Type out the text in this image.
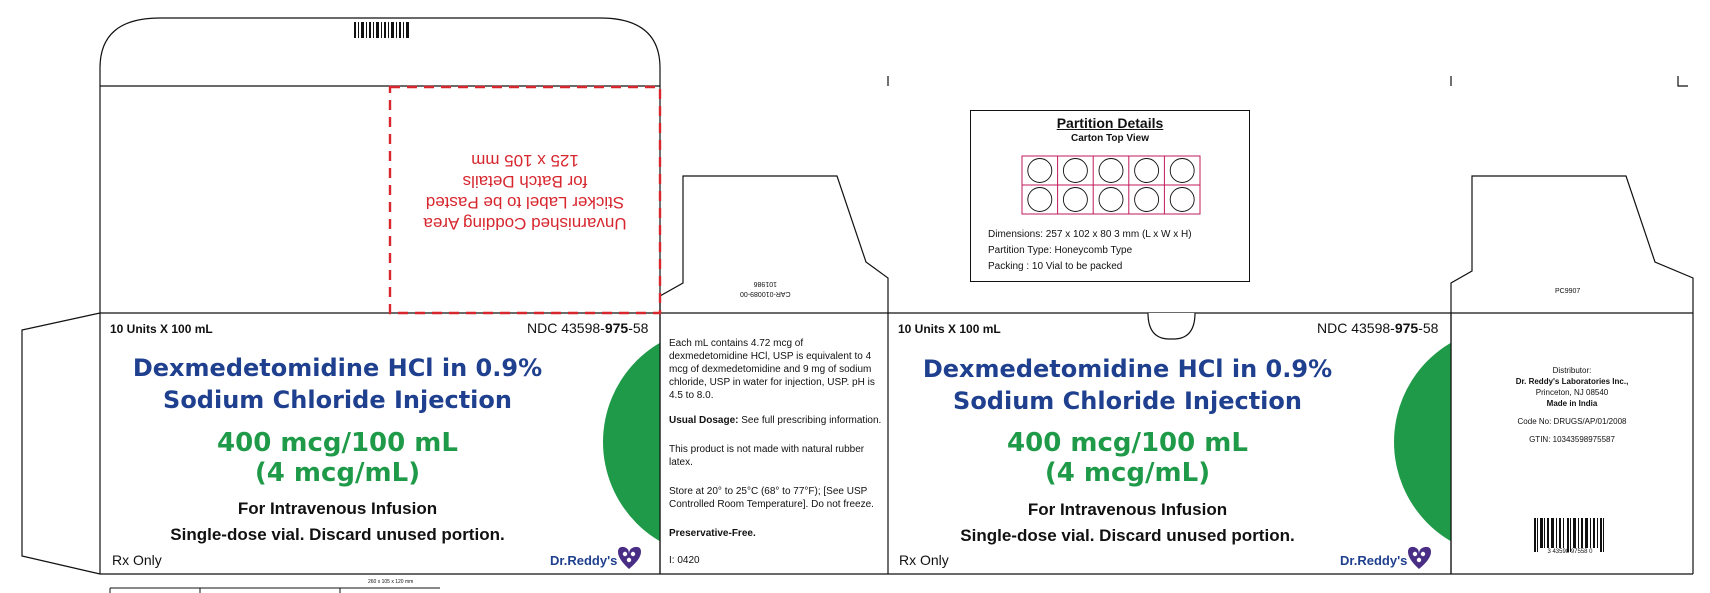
Unvarnished Codding Area
Sticker Label to be Pasted
for Batch Details
125 x 105 mm
10 Units X 100 mL	NDC 43598-975-58
Dexmedetomidine HCl in 0.9%
Sodium Chloride Injection
400 mcg/100 mL
(4 mcg/mL)
For Intravenous Infusion
Single-dose vial. Discard unused portion.
Rx Only	Dr.Reddy's
CAR-010089-00
101986

Each mL contains 4.72 mcg of dexmedetomidine HCl, USP is equivalent to 4 mcg of dexmedetomidine and 9 mg of sodium chloride, USP in water for injection, USP. pH is 4.5 to 8.0.

Usual Dosage: See full prescribing information.

This product is not made with natural rubber latex.

Store at 20° to 25°C (68° to 77°F); [See USP Controlled Room Temperature]. Do not freeze.

Preservative-Free.

I: 0420

Partition Details
Carton Top View
Dimensions: 257 x 102 x 80 3 mm (L x W x H)
Partition Type: Honeycomb Type
Packing : 10 Vial to be packed
10 Units X 100 mL	NDC 43598-975-58
Dexmedetomidine HCl in 0.9%
Sodium Chloride Injection
400 mcg/100 mL
(4 mcg/mL)
For Intravenous Infusion
Single-dose vial. Discard unused portion.
Rx Only	Dr.Reddy's
PC9907
Distributor:
Dr. Reddy's Laboratories Inc.,
Princeton, NJ 08540
Made in India
Code No: DRUGS/AP/01/2008
GTIN: 10343598975587
3 43598 97558 0
260 x 105 x 120 mm
